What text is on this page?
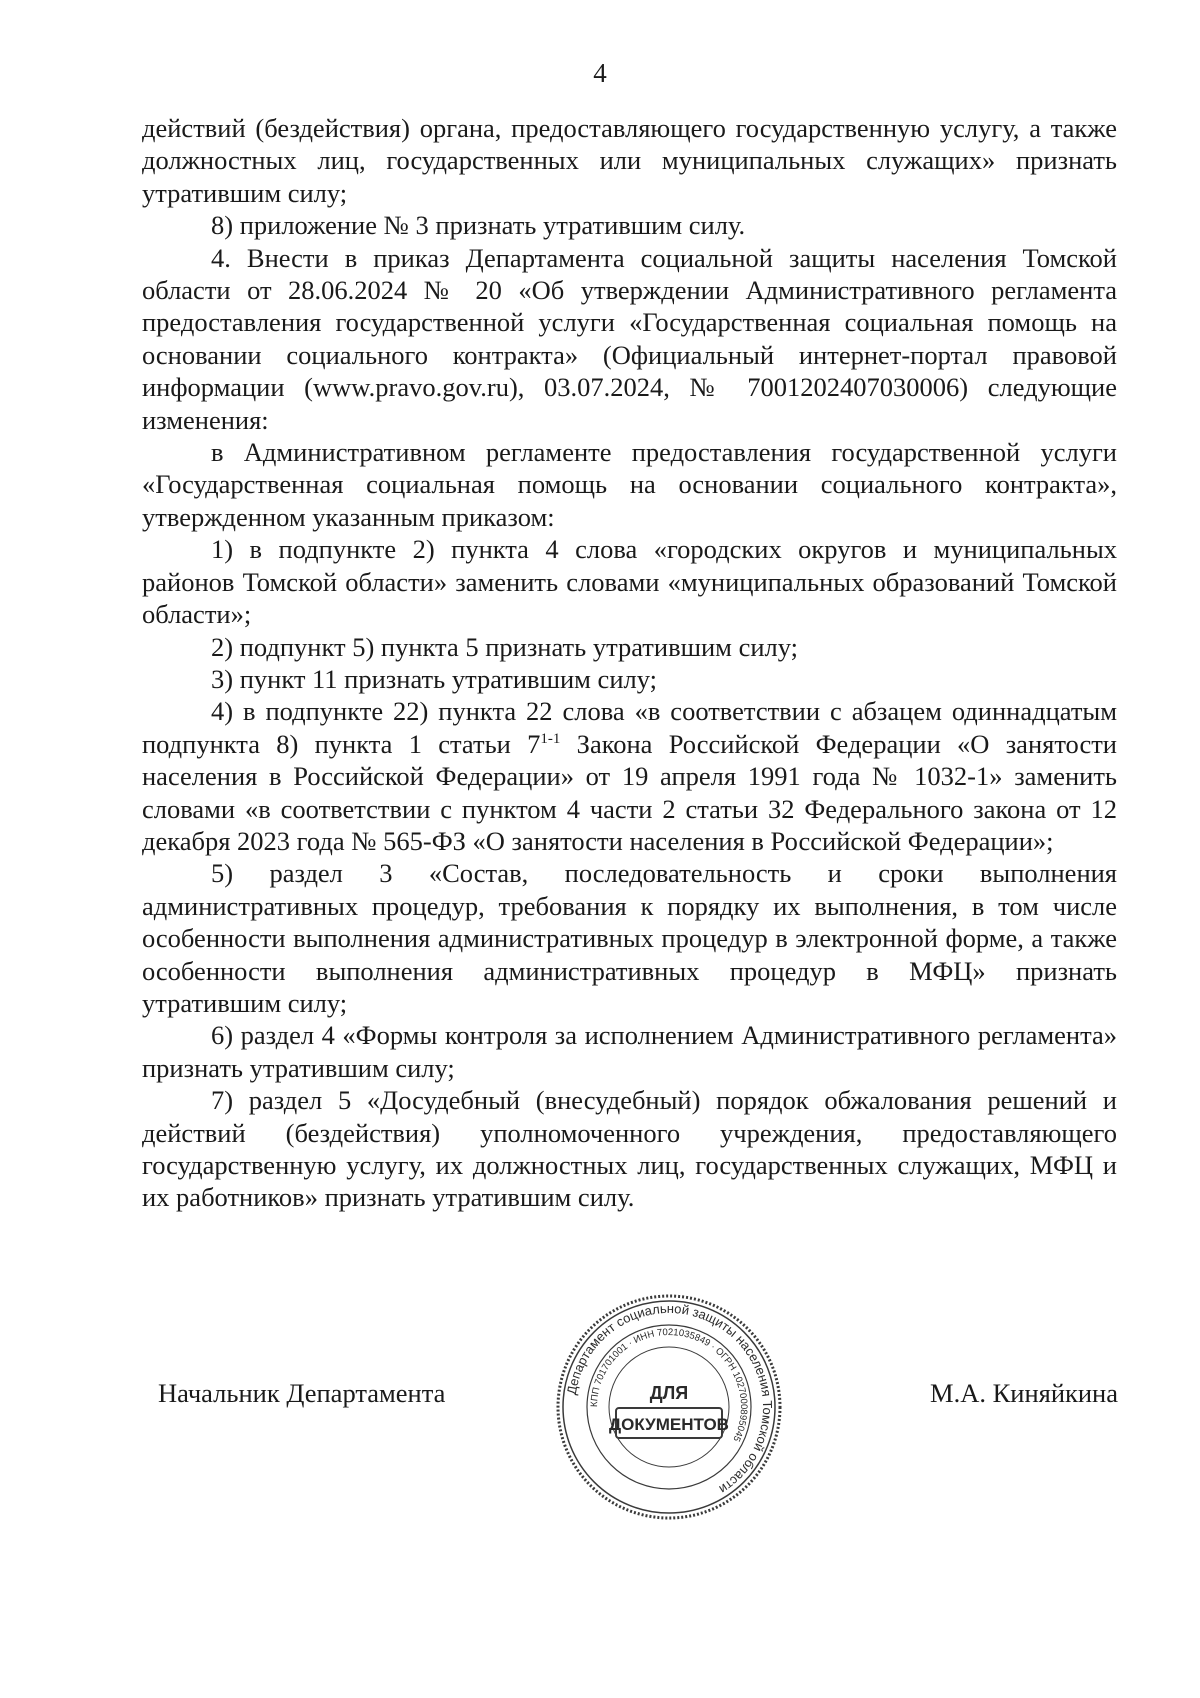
4

действий (бездействия) органа, предоставляющего государственную услугу, а также должностных лиц, государственных или муниципальных служащих» признать утратившим силу;

8) приложение № 3 признать утратившим силу.

4. Внести в приказ Департамента социальной защиты населения Томской области от 28.06.2024 № 20 «Об утверждении Административного регламента предоставления государственной услуги «Государственная социальная помощь на основании социального контракта» (Официальный интернет-портал правовой информации (www.pravo.gov.ru), 03.07.2024, № 7001202407030006) следующие изменения:

в Административном регламенте предоставления государственной услуги «Государственная социальная помощь на основании социального контракта», утвержденном указанным приказом:

1) в подпункте 2) пункта 4 слова «городских округов и муниципальных районов Томской области» заменить словами «муниципальных образований Томской области»;

2) подпункт 5) пункта 5 признать утратившим силу;

3) пункт 11 признать утратившим силу;

4) в подпункте 22) пункта 22 слова «в соответствии с абзацем одиннадцатым подпункта 8) пункта 1 статьи 7$^{1-1}$ Закона Российской Федерации «О занятости населения в Российской Федерации» от 19 апреля 1991 года № 1032-1» заменить словами «в соответствии с пунктом 4 части 2 статьи 32 Федерального закона от 12 декабря 2023 года № 565-ФЗ «О занятости населения в Российской Федерации»;

5) раздел 3 «Состав, последовательность и сроки выполнения административных процедур, требования к порядку их выполнения, в том числе особенности выполнения административных процедур в электронной форме, а также особенности выполнения административных процедур в МФЦ» признать утратившим силу;

6) раздел 4 «Формы контроля за исполнением Административного регламента» признать утратившим силу;

7) раздел 5 «Досудебный (внесудебный) порядок обжалования решений и действий (бездействия) уполномоченного учреждения, предоставляющего государственную услугу, их должностных лиц, государственных служащих, МФЦ и их работников» признать утратившим силу.

Начальник Департамента	М.А. Киняйкина
Департамент социальной защиты населения Томской области
КПП 701701001 · ИНН 7021035849 · ОГРН 1027000895045
ДЛЯ
ДОКУМЕНТОВ
